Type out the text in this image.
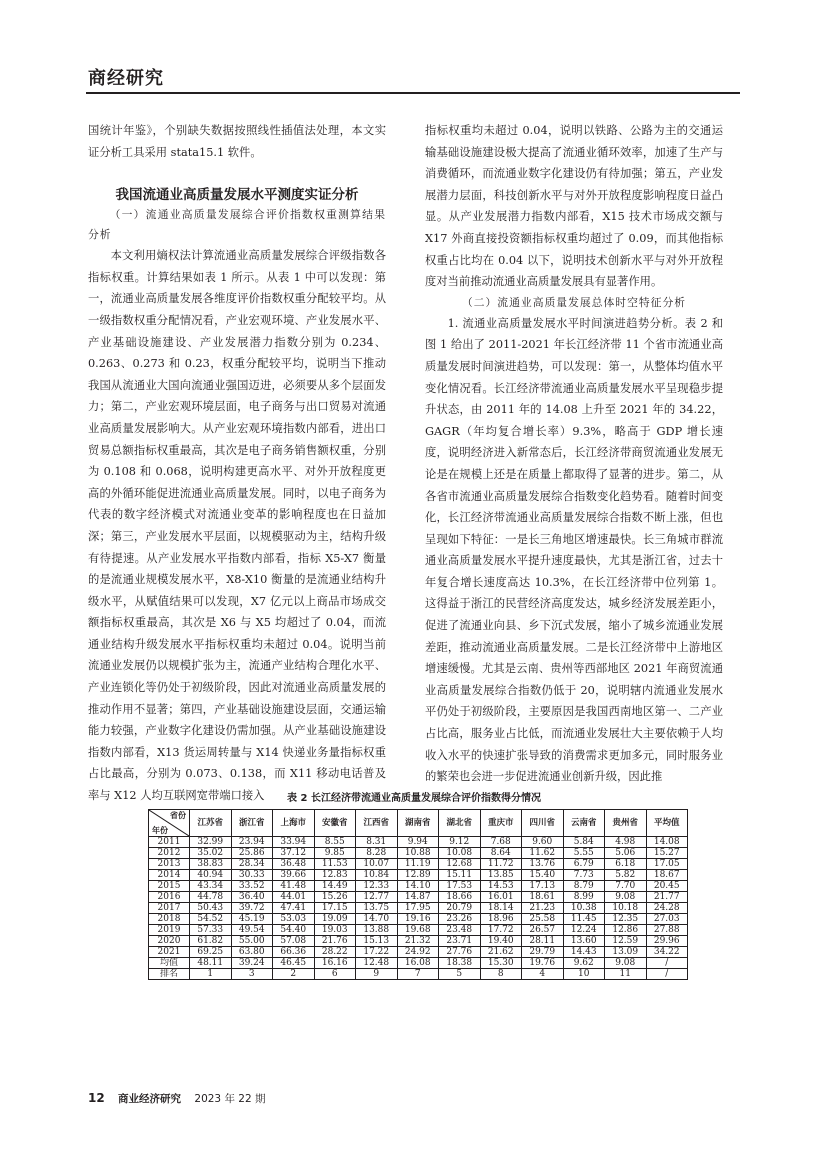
商经研究

国统计年鉴》，个别缺失数据按照线性插值法处理，本文实证分析工具采用 stata15.1 软件。

我国流通业高质量发展水平测度实证分析

（一）流通业高质量发展综合评价指数权重测算结果分析

本文利用熵权法计算流通业高质量发展综合评级指数各指标权重。计算结果如表 1 所示。从表 1 中可以发现：第一，流通业高质量发展各维度评价指数权重分配较平均。从一级指数权重分配情况看，产业宏观环境、产业发展水平、产业基础设施建设、产业发展潜力指数分别为 0.234、0.263、0.273 和 0.23，权重分配较平均，说明当下推动我国从流通业大国向流通业强国迈进，必须要从多个层面发力；第二，产业宏观环境层面，电子商务与出口贸易对流通业高质量发展影响大。从产业宏观环境指数内部看，进出口贸易总额指标权重最高，其次是电子商务销售额权重，分别为 0.108 和 0.068，说明构建更高水平、对外开放程度更高的外循环能促进流通业高质量发展。同时，以电子商务为代表的数字经济模式对流通业变革的影响程度也在日益加深；第三，产业发展水平层面，以规模驱动为主，结构升级有待提速。从产业发展水平指数内部看，指标 X5-X7 衡量的是流通业规模发展水平，X8-X10 衡量的是流通业结构升级水平，从赋值结果可以发现，X7 亿元以上商品市场成交额指标权重最高，其次是 X6 与 X5 均超过了 0.04，而流通业结构升级发展水平指标权重均未超过 0.04。说明当前流通业发展仍以规模扩张为主，流通产业结构合理化水平、产业连锁化等仍处于初级阶段，因此对流通业高质量发展的推动作用不显著；第四，产业基础设施建设层面，交通运输能力较强，产业数字化建设仍需加强。从产业基础设施建设指数内部看，X13 货运周转量与 X14 快递业务量指标权重占比最高，分别为 0.073、0.138，而 X11 移动电话普及率与 X12 人均互联网宽带端口接入

指标权重均未超过 0.04，说明以铁路、公路为主的交通运输基础设施建设极大提高了流通业循环效率，加速了生产与消费循环，而流通业数字化建设仍有待加强；第五，产业发展潜力层面，科技创新水平与对外开放程度影响程度日益凸显。从产业发展潜力指数内部看，X15 技术市场成交额与 X17 外商直接投资额指标权重均超过了 0.09，而其他指标权重占比均在 0.04 以下，说明技术创新水平与对外开放程度对当前推动流通业高质量发展具有显著作用。

（二）流通业高质量发展总体时空特征分析

1. 流通业高质量发展水平时间演进趋势分析。表 2 和图 1 给出了 2011-2021 年长江经济带 11 个省市流通业高质量发展时间演进趋势，可以发现：第一，从整体均值水平变化情况看。长江经济带流通业高质量发展水平呈现稳步提升状态，由 2011 年的 14.08 上升至 2021 年的 34.22，GAGR（年均复合增长率）9.3%，略高于 GDP 增长速度，说明经济进入新常态后，长江经济带商贸流通业发展无论是在规模上还是在质量上都取得了显著的进步。第二，从各省市流通业高质量发展综合指数变化趋势看。随着时间变化，长江经济带流通业高质量发展综合指数不断上涨，但也呈现如下特征：一是长三角地区增速最快。长三角城市群流通业高质量发展水平提升速度最快，尤其是浙江省，过去十年复合增长速度高达 10.3%，在长江经济带中位列第 1。这得益于浙江的民营经济高度发达，城乡经济发展差距小，促进了流通业向县、乡下沉式发展，缩小了城乡流通业发展差距，推动流通业高质量发展。二是长江经济带中上游地区增速缓慢。尤其是云南、贵州等西部地区 2021 年商贸流通业高质量发展综合指数仍低于 20，说明辖内流通业发展水平仍处于初级阶段，主要原因是我国西南地区第一、二产业占比高，服务业占比低，而流通业发展壮大主要依赖于人均收入水平的快速扩张导致的消费需求更加多元，同时服务业的繁荣也会进一步促进流通业创新升级，因此推

表 2 长江经济带流通业高质量发展综合评价指数得分情况
省份
年份	江苏省	浙江省	上海市	安徽省	江西省	湖南省	湖北省	重庆市	四川省	云南省	贵州省	平均值
2011	32.99	23.94	33.94	8.55	8.31	9.94	9.12	7.68	9.60	5.84	4.98	14.08
2012	35.02	25.86	37.12	9.85	8.28	10.88	10.08	8.64	11.62	5.55	5.06	15.27
2013	38.83	28.34	36.48	11.53	10.07	11.19	12.68	11.72	13.76	6.79	6.18	17.05
2014	40.94	30.33	39.66	12.83	10.84	12.89	15.11	13.85	15.40	7.73	5.82	18.67
2015	43.34	33.52	41.48	14.49	12.33	14.10	17.53	14.53	17.13	8.79	7.70	20.45
2016	44.78	36.40	44.01	15.26	12.77	14.87	18.66	16.01	18.61	8.99	9.08	21.77
2017	50.43	39.72	47.41	17.15	13.75	17.95	20.79	18.14	21.23	10.38	10.18	24.28
2018	54.52	45.19	53.03	19.09	14.70	19.16	23.26	18.96	25.58	11.45	12.35	27.03
2019	57.33	49.54	54.40	19.03	13.88	19.68	23.48	17.72	26.57	12.24	12.86	27.88
2020	61.82	55.00	57.08	21.76	15.13	21.32	23.71	19.40	28.11	13.60	12.59	29.96
2021	69.25	63.80	66.36	28.22	17.22	24.92	27.76	21.62	29.79	14.43	13.09	34.22
均值	48.11	39.24	46.45	16.16	12.48	16.08	18.38	15.30	19.76	9.62	9.08	/
排名	1	3	2	6	9	7	5	8	4	10	11	/
12 商业经济研究 2023 年 22 期
